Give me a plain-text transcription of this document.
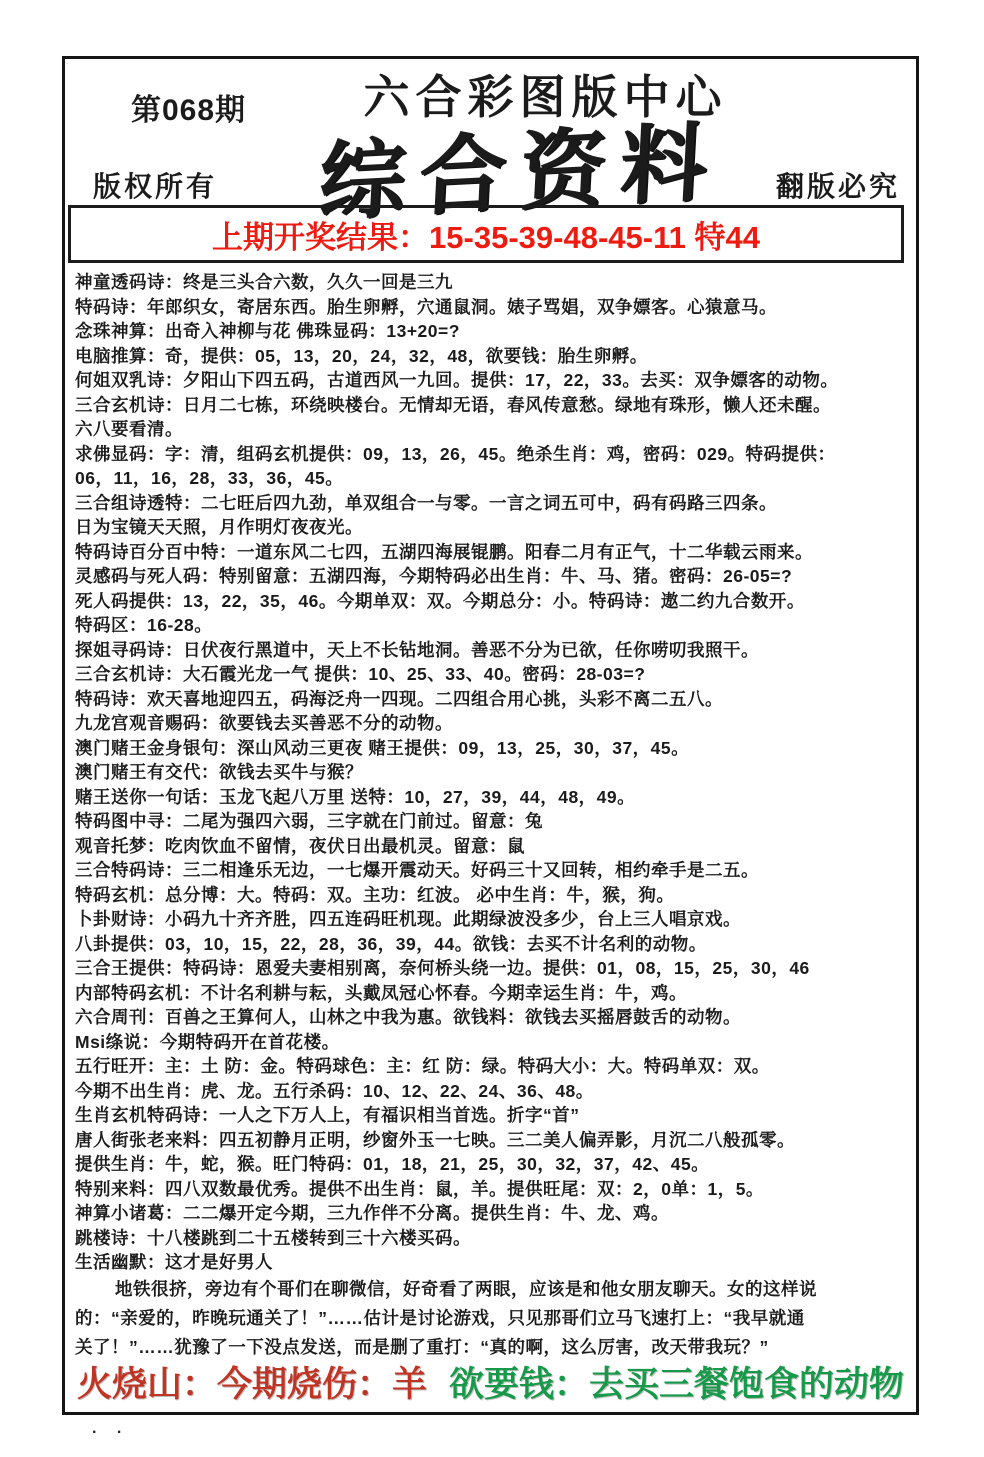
第068期	六合彩图版中心
综合资料
版权所有	翻版必究
上期开奖结果：15-35-39-48-45-11 特44
神童透码诗：终是三头合六数，久久一回是三九
特码诗：年郎织女，寄居东西。胎生卵孵，穴通鼠洞。婊子骂娼，双争嫖客。心猿意马。
念珠神算：出奇入神柳与花 佛珠显码：13+20=?
电脑推算：奇，提供：05，13，20，24，32，48，欲要钱：胎生卵孵。
何姐双乳诗：夕阳山下四五码，古道西风一九回。提供：17，22，33。去买：双争嫖客的动物。
三合玄机诗：日月二七栋，环绕映楼台。无情却无语，春风传意愁。绿地有珠形，懒人还未醒。
六八要看清。
求佛显码：字：清，组码玄机提供：09，13，26，45。绝杀生肖：鸡，密码：029。特码提供：
06，11，16，28，33，36，45。
三合组诗透特：二七旺后四九劲，单双组合一与零。一言之词五可中，码有码路三四条。
日为宝镜天天照，月作明灯夜夜光。
特码诗百分百中特：一道东风二七四，五湖四海展锟鹏。阳春二月有正气，十二华载云雨来。
灵感码与死人码：特别留意：五湖四海，今期特码必出生肖：牛、马、猪。密码：26-05=?
死人码提供：13，22，35，46。今期单双：双。今期总分：小。特码诗：遨二约九合数开。
特码区：16-28。
探姐寻码诗：日伏夜行黑道中，天上不长钻地洞。善恶不分为已欲，任你唠叨我照干。
三合玄机诗：大石霞光龙一气 提供：10、25、33、40。密码：28-03=?
特码诗：欢天喜地迎四五，码海泛舟一四现。二四组合用心挑，头彩不离二五八。
九龙宫观音赐码：欲要钱去买善恶不分的动物。
澳门赌王金身银句：深山风动三更夜 赌王提供：09，13，25，30，37，45。
澳门赌王有交代：欲钱去买牛与猴？
赌王送你一句话：玉龙飞起八万里 送特：10，27，39，44，48，49。
特码图中寻：二尾为强四六弱，三字就在门前过。留意：兔
观音托梦：吃肉饮血不留情，夜伏日出最机灵。留意：鼠
三合特码诗：三二相逢乐无边，一七爆开震动天。好码三十又回转，相约牵手是二五。
特码玄机：总分博：大。特码：双。主功：红波。 必中生肖：牛，猴，狗。
卜卦财诗：小码九十齐齐胜，四五连码旺机现。此期绿波没多少，台上三人唱京戏。
八卦提供：03，10，15，22，28，36，39，44。欲钱：去买不计名利的动物。
三合王提供：特码诗：恩爱夫妻相别离，奈何桥头绕一边。提供：01，08，15，25，30，46
内部特码玄机：不计名利耕与耘，头戴凤冠心怀春。今期幸运生肖：牛，鸡。
六合周刊：百兽之王算何人，山林之中我为惠。欲钱料：欲钱去买摇唇鼓舌的动物。
Msi绦说：今期特码开在首花楼。
五行旺开：主：土 防：金。特码球色：主：红 防：绿。特码大小：大。特码单双：双。
今期不出生肖：虎、龙。五行杀码：10、12、22、24、36、48。
生肖玄机特码诗：一人之下万人上，有福识相当首选。折字“首”
唐人街张老来料：四五初静月正明，纱窗外玉一七映。三二美人偏弄影，月沉二八般孤零。
提供生肖：牛，蛇，猴。旺门特码：01，18，21，25，30，32，37，42、45。
特别来料：四八双数最优秀。提供不出生肖：鼠，羊。提供旺尾：双：2，0单：1，5。
神算小诸葛：二二爆开定今期，三九作伴不分离。提供生肖：牛、龙、鸡。
跳楼诗：十八楼跳到二十五楼转到三十六楼买码。
生活幽默：这才是好男人
地铁很挤，旁边有个哥们在聊微信，好奇看了两眼，应该是和他女朋友聊天。女的这样说
的：“亲爱的，昨晚玩通关了！”……估计是讨论游戏，只见那哥们立马飞速打上：“我早就通
关了！”……犹豫了一下没点发送，而是删了重打：“真的啊，这么厉害，改天带我玩？”
火烧山：今期烧伤：羊 欲要钱：去买三餐饱食的动物
. .
